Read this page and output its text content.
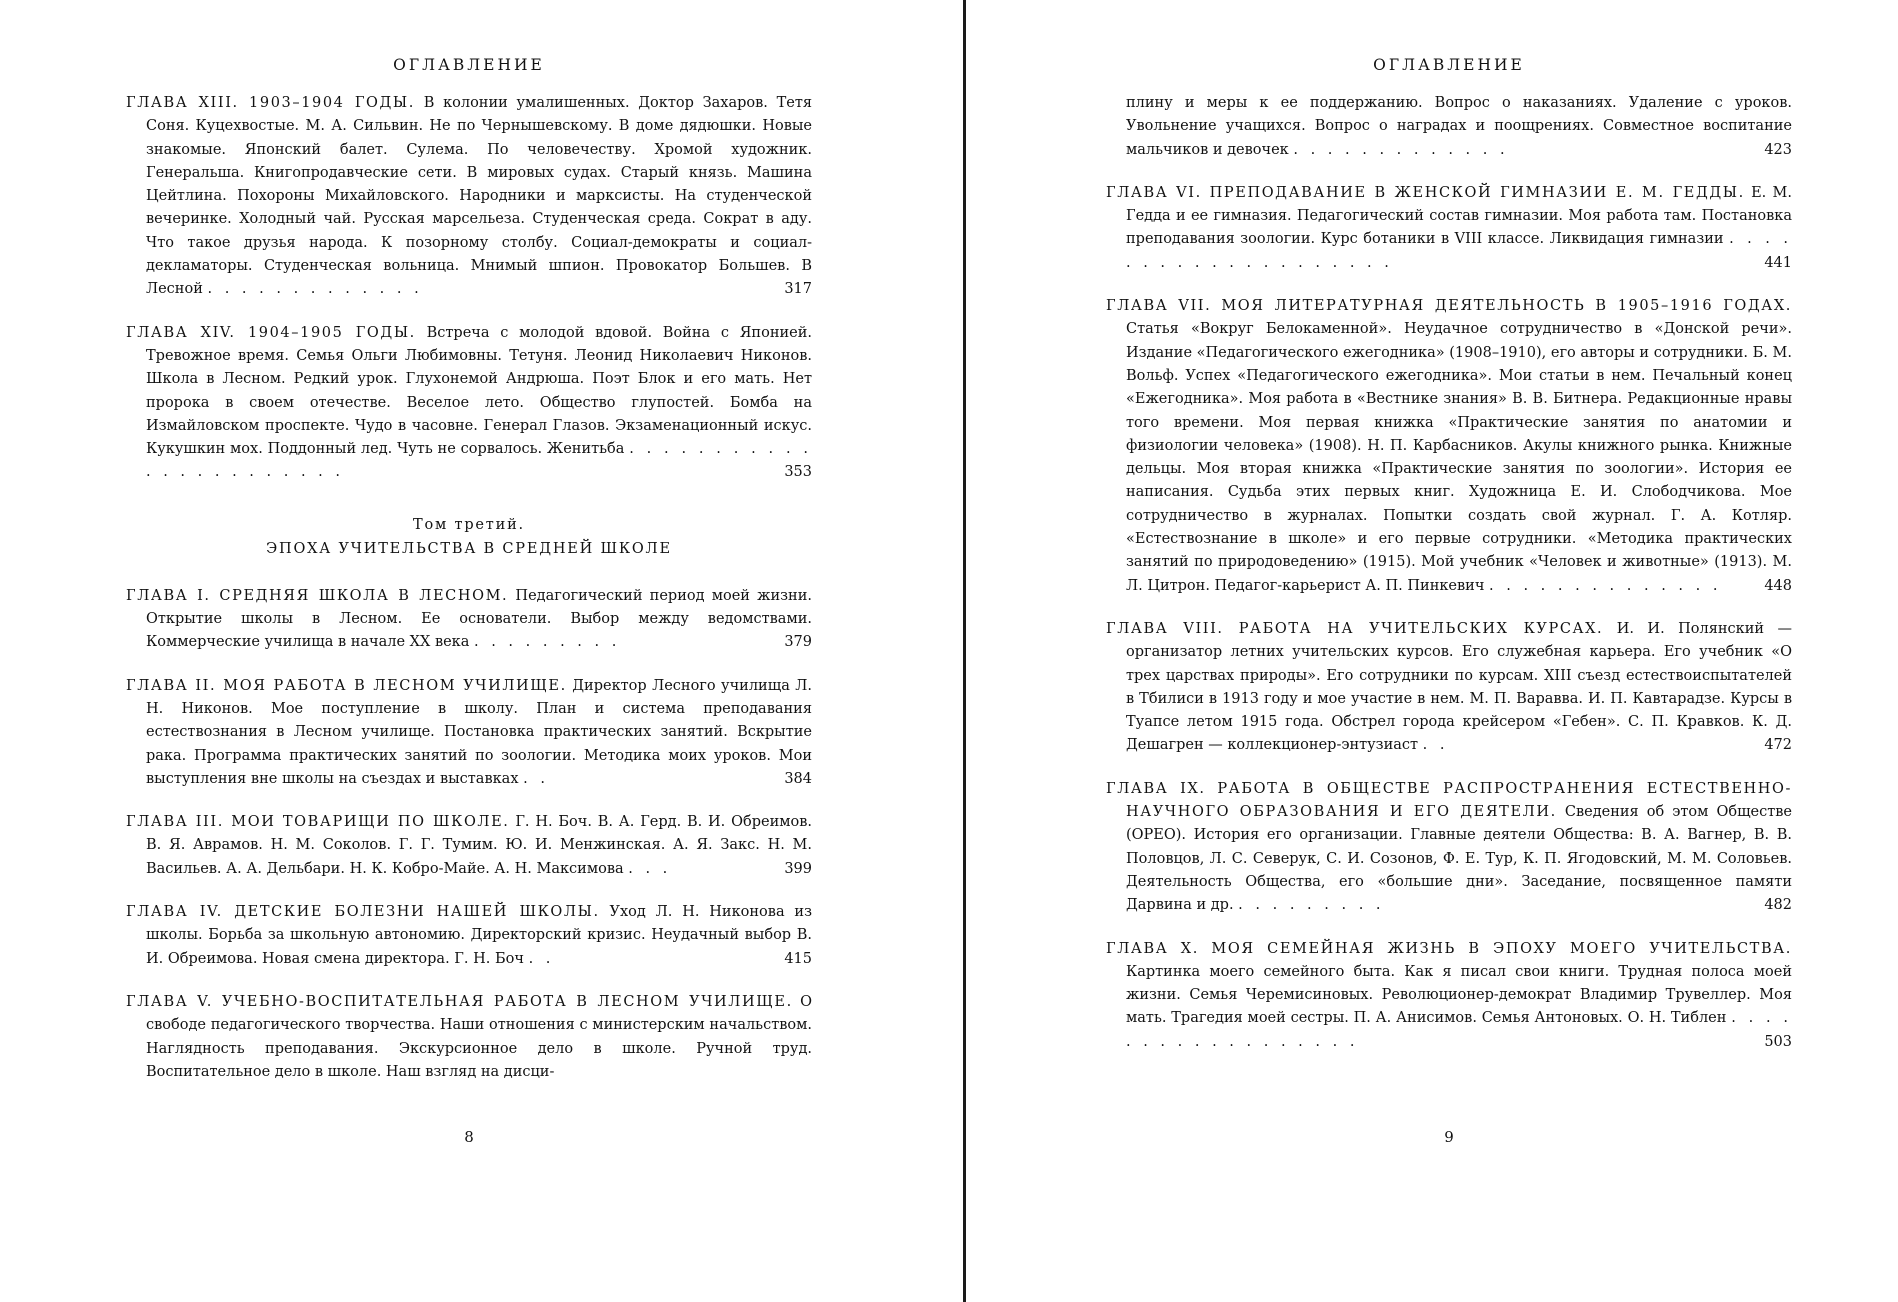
ОГЛАВЛЕНИЕ

ГЛАВА XIII. 1903–1904 ГОДЫ. В колонии умалишенных. Доктор Захаров. Тетя Соня. Куцехвостые. М. А. Сильвин. Не по Чернышевскому. В доме дядюшки. Новые знакомые. Японский балет. Сулема. По человечеству. Хромой художник. Генеральша. Книгопродавческие сети. В мировых судах. Старый князь. Машина Цейтлина. Похороны Михайловского. Народники и марксисты. На студенческой вечеринке. Холодный чай. Русская марсельеза. Студенческая среда. Сократ в аду. Что такое друзья народа. К позорному столбу. Социал-демократы и социал-декламаторы. Студенческая вольница. Мнимый шпион. Провокатор Большев. В Лесной . . . . . . . . . . . . .	317

ГЛАВА XIV. 1904–1905 ГОДЫ. Встреча с молодой вдовой. Война с Японией. Тревожное время. Семья Ольги Любимовны. Тетуня. Леонид Николаевич Никонов. Школа в Лесном. Редкий урок. Глухонемой Андрюша. Поэт Блок и его мать. Нет пророка в своем отечестве. Веселое лето. Общество глупостей. Бомба на Измайловском проспекте. Чудо в часовне. Генерал Глазов. Экзаменационный искус. Кукушкин мох. Поддонный лед. Чуть не сорвалось. Женитьба . . . . . . . . . . . . . . . . . . . . . . .	353

Том третий.
ЭПОХА УЧИТЕЛЬСТВА В СРЕДНЕЙ ШКОЛЕ

ГЛАВА I. СРЕДНЯЯ ШКОЛА В ЛЕСНОМ. Педагогический период моей жизни. Открытие школы в Лесном. Ее основатели. Выбор между ведомствами. Коммерческие училища в начале XX века . . . . . . . . .	379

ГЛАВА II. МОЯ РАБОТА В ЛЕСНОМ УЧИЛИЩЕ. Директор Лесного училища Л. Н. Никонов. Мое поступление в школу. План и система преподавания естествознания в Лесном училище. Постановка практических занятий. Вскрытие рака. Программа практических занятий по зоологии. Методика моих уроков. Мои выступления вне школы на съездах и выставках . .	384

ГЛАВА III. МОИ ТОВАРИЩИ ПО ШКОЛЕ. Г. Н. Боч. В. А. Герд. В. И. Обреимов. В. Я. Аврамов. Н. М. Соколов. Г. Г. Тумим. Ю. И. Менжинская. А. Я. Закс. Н. М. Васильев. А. А. Дельбари. Н. К. Кобро-Майе. А. Н. Максимова . . .	399

ГЛАВА IV. ДЕТСКИЕ БОЛЕЗНИ НАШЕЙ ШКОЛЫ. Уход Л. Н. Никонова из школы. Борьба за школьную автономию. Директорский кризис. Неудачный выбор В. И. Обреимова. Новая смена директора. Г. Н. Боч . .	415

ГЛАВА V. УЧЕБНО-ВОСПИТАТЕЛЬНАЯ РАБОТА В ЛЕСНОМ УЧИЛИЩЕ. О свободе педагогического творчества. Наши отношения с министерским начальством. Наглядность преподавания. Экскурсионное дело в школе. Ручной труд. Воспитательное дело в школе. Наш взгляд на дисци-

8
ОГЛАВЛЕНИЕ

плину и меры к ее поддержанию. Вопрос о наказаниях. Удаление с уроков. Увольнение учащихся. Вопрос о наградах и поощрениях. Совместное воспитание мальчиков и девочек . . . . . . . . . . . . .	423

ГЛАВА VI. ПРЕПОДАВАНИЕ В ЖЕНСКОЙ ГИМНАЗИИ Е. М. ГЕДДЫ. Е. М. Гедда и ее гимназия. Педагогический состав гимназии. Моя работа там. Постановка преподавания зоологии. Курс ботаники в VIII классе. Ликвидация гимназии . . . . . . . . . . . . . . . . . . . .	441

ГЛАВА VII. МОЯ ЛИТЕРАТУРНАЯ ДЕЯТЕЛЬНОСТЬ В 1905–1916 ГОДАХ. Статья «Вокруг Белокаменной». Неудачное сотрудничество в «Донской речи». Издание «Педагогического ежегодника» (1908–1910), его авторы и сотрудники. Б. М. Вольф. Успех «Педагогического ежегодника». Мои статьи в нем. Печальный конец «Ежегодника». Моя работа в «Вестнике знания» В. В. Битнера. Редакционные нравы того времени. Моя первая книжка «Практические занятия по анатомии и физиологии человека» (1908). Н. П. Карбасников. Акулы книжного рынка. Книжные дельцы. Моя вторая книжка «Практические занятия по зоологии». История ее написания. Судьба этих первых книг. Художница Е. И. Слободчикова. Мое сотрудничество в журналах. Попытки создать свой журнал. Г. А. Котляр. «Естествознание в школе» и его первые сотрудники. «Методика практических занятий по природоведению» (1915). Мой учебник «Человек и животные» (1913). М. Л. Цитрон. Педагог-карьерист А. П. Пинкевич . . . . . . . . . . . . . .	448

ГЛАВА VIII. РАБОТА НА УЧИТЕЛЬСКИХ КУРСАХ. И. И. Полянский — организатор летних учительских курсов. Его служебная карьера. Его учебник «О трех царствах природы». Его сотрудники по курсам. XIII съезд естествоиспытателей в Тбилиси в 1913 году и мое участие в нем. М. П. Варавва. И. П. Кавтарадзе. Курсы в Туапсе летом 1915 года. Обстрел города крейсером «Гебен». С. П. Кравков. К. Д. Дешагрен — коллекционер-энтузиаст . .	472

ГЛАВА IX. РАБОТА В ОБЩЕСТВЕ РАСПРОСТРАНЕНИЯ ЕСТЕСТВЕННО-НАУЧНОГО ОБРАЗОВАНИЯ И ЕГО ДЕЯТЕЛИ. Сведения об этом Обществе (ОРЕО). История его организации. Главные деятели Общества: В. А. Вагнер, В. В. Половцов, Л. С. Северук, С. И. Созонов, Ф. Е. Тур, К. П. Ягодовский, М. М. Соловьев. Деятельность Общества, его «большие дни». Заседание, посвященное памяти Дарвина и др. . . . . . . . . .	482

ГЛАВА X. МОЯ СЕМЕЙНАЯ ЖИЗНЬ В ЭПОХУ МОЕГО УЧИТЕЛЬСТВА. Картинка моего семейного быта. Как я писал свои книги. Трудная полоса моей жизни. Семья Черемисиновых. Революционер-демократ Владимир Трувеллер. Моя мать. Трагедия моей сестры. П. А. Анисимов. Семья Антоновых. О. Н. Тиблен . . . . . . . . . . . . . . . . . .	503

9
